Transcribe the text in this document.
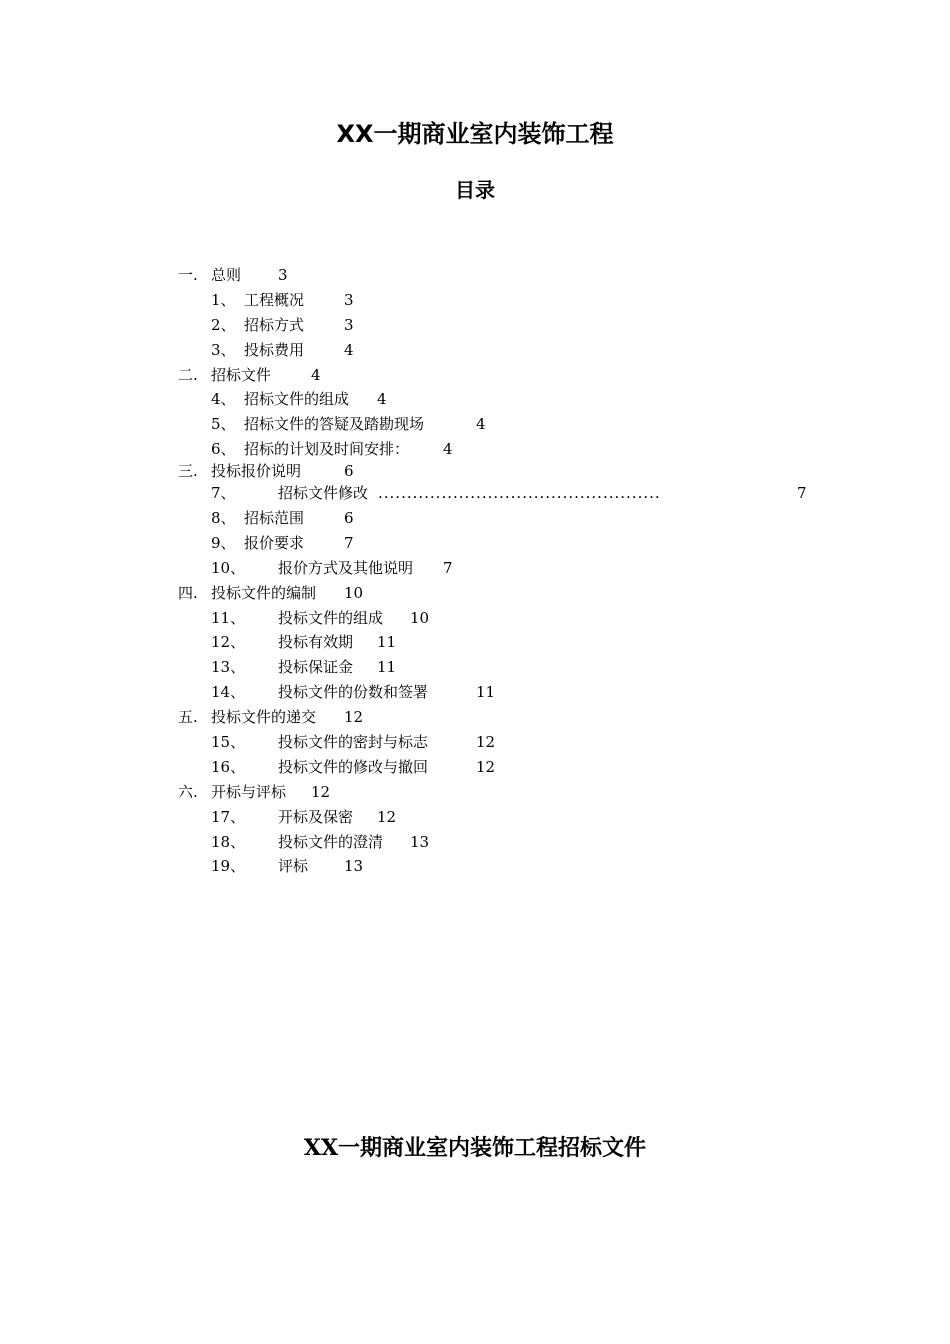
XX一期商业室内装饰工程
目录
一. 总则 3
1、 工程概况	3
2、 招标方式	3
3、 投标费用	4
二. 招标文件	4
4、 招标文件的组成 4
5、 招标文件的答疑及踏勘现场	4
6、 招标的计划及时间安排： 4
三. 投标报价说明	6
7、	招标文件修改 .................................................	7
8、 招标范围	6
9、 报价要求	7
10、 报价方式及其他说明 7
四. 投标文件的编制 10
11、 投标文件的组成 10
12、 投标有效期 11
13、 投标保证金 11
14、 投标文件的份数和签署	11
五. 投标文件的递交 12
15、 投标文件的密封与标志	12
16、 投标文件的修改与撤回	12
六. 开标与评标 12
17、 开标及保密 12
18、 投标文件的澄清 13
19、 评标 13
XX一期商业室内装饰工程招标文件
